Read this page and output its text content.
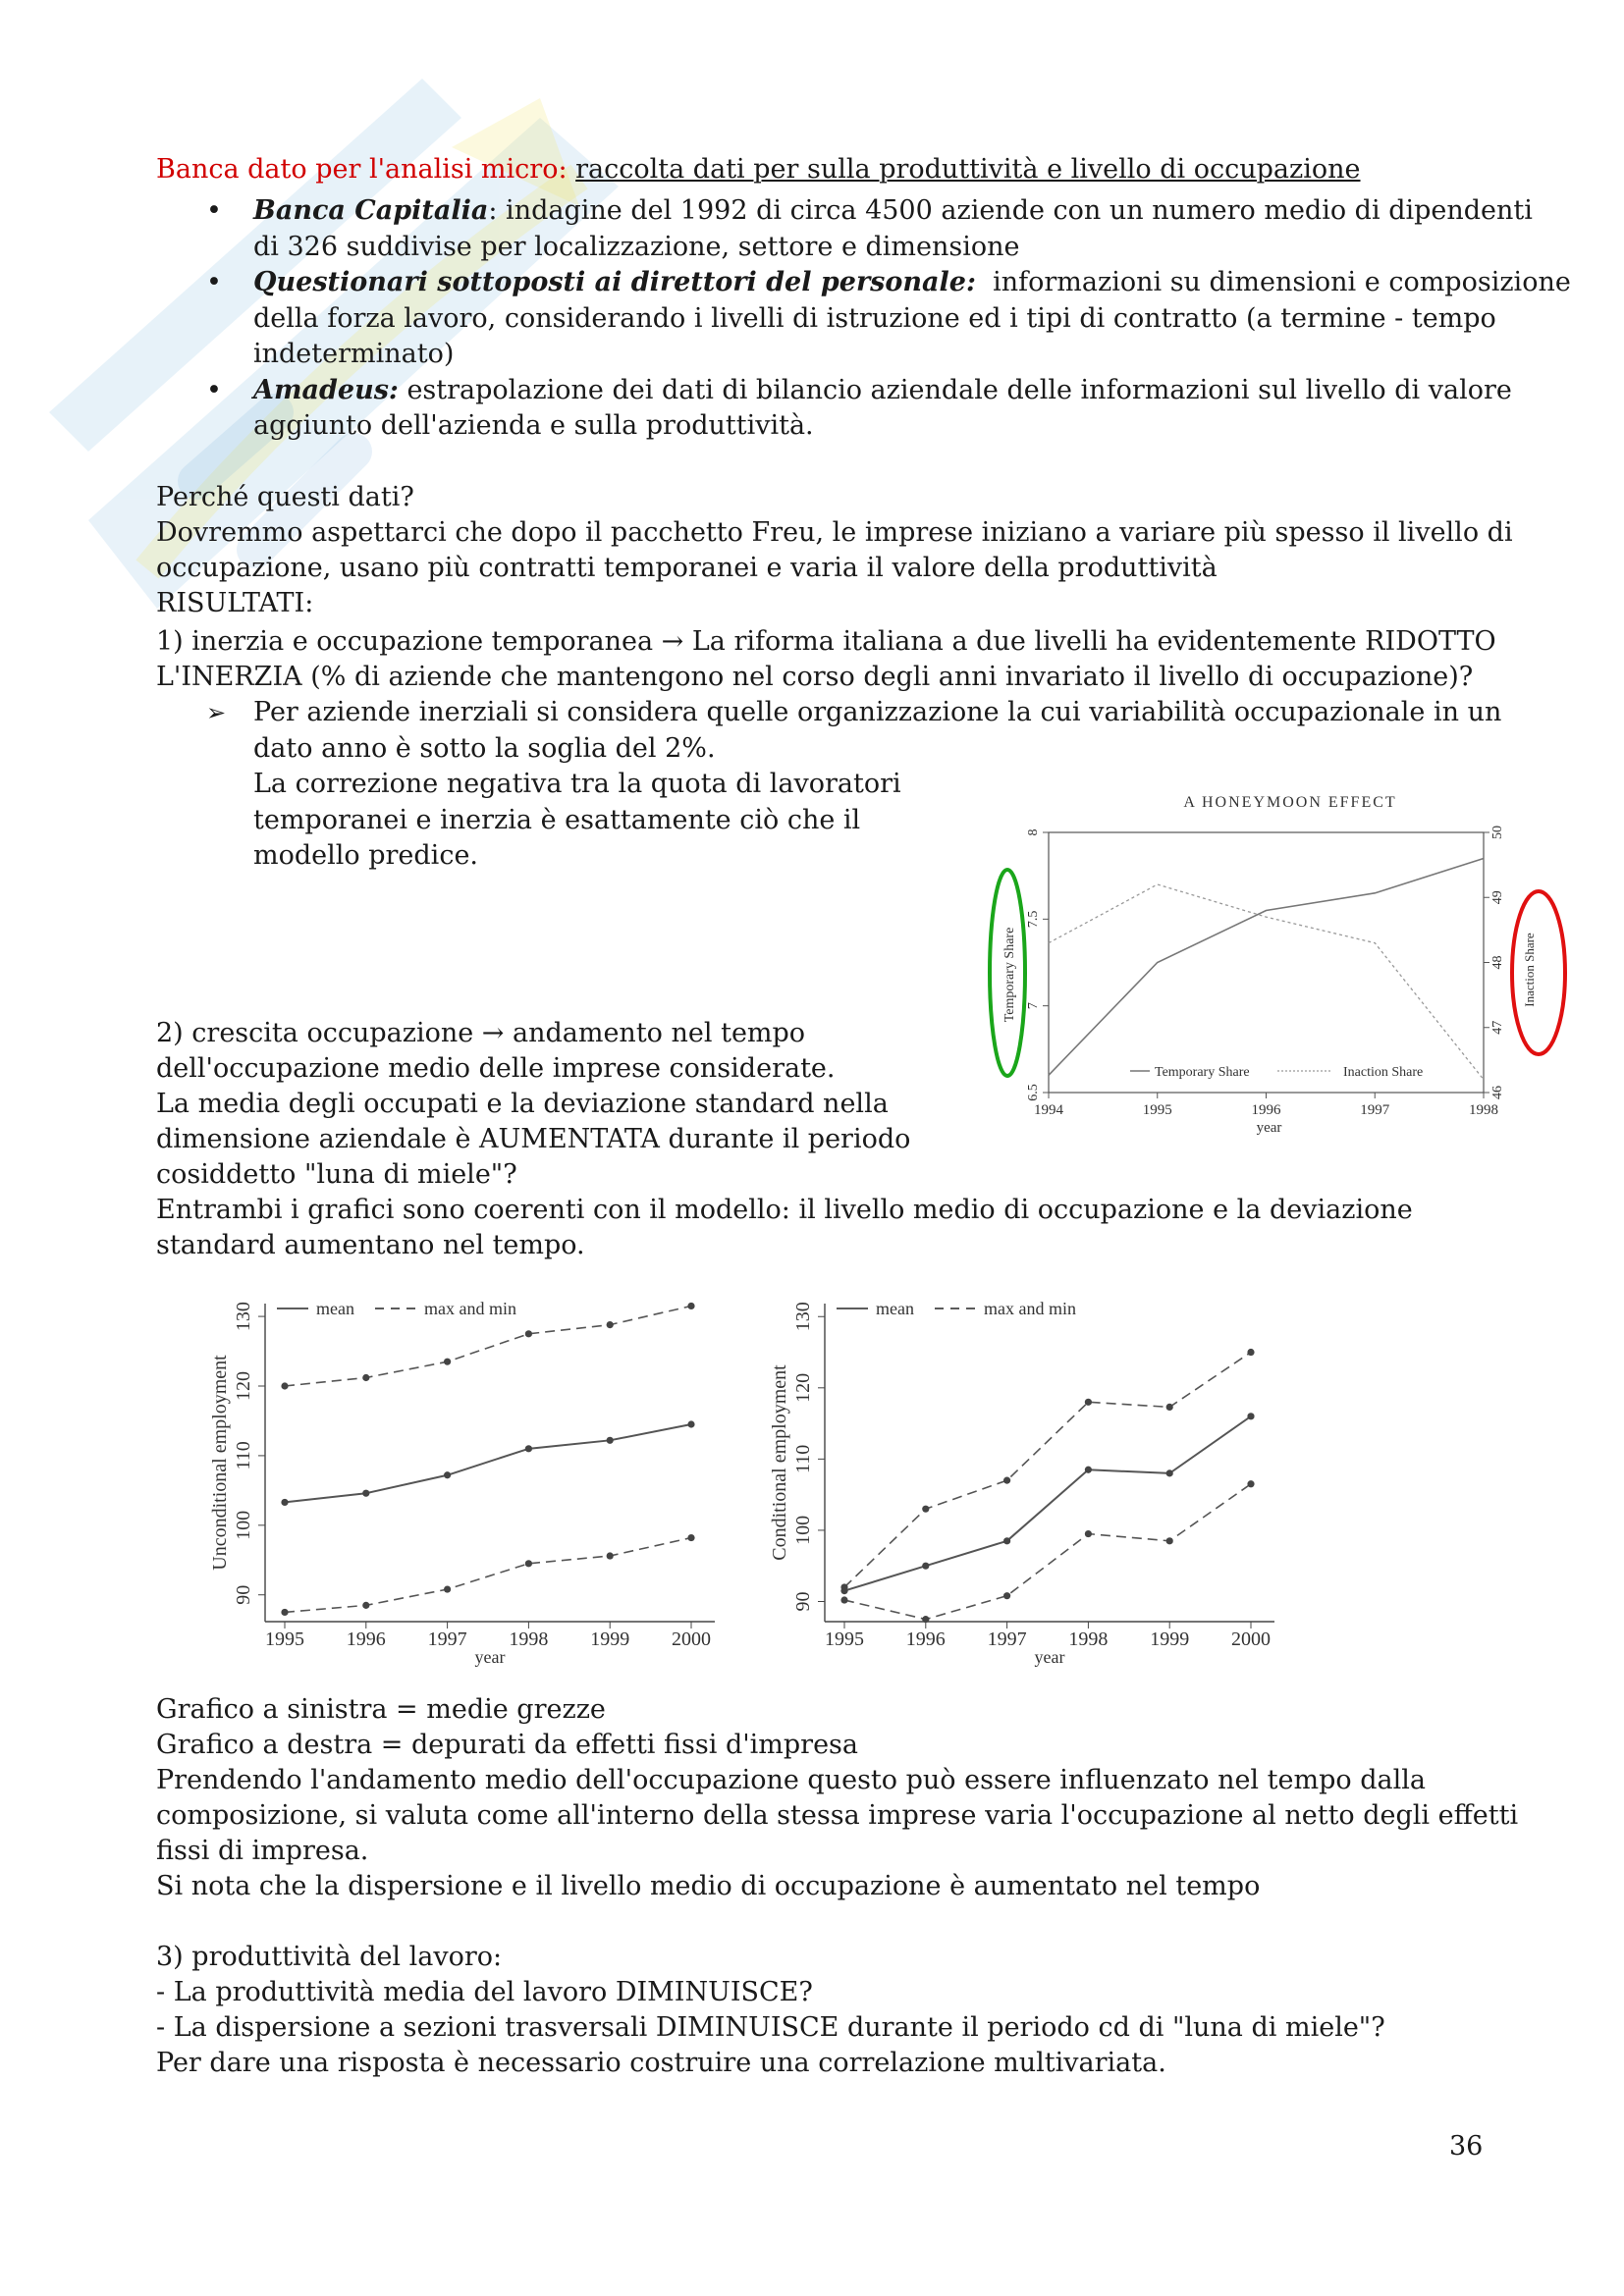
Banca dato per l'analisi micro: raccolta dati per sulla produttività e livello di occupazione

• Banca Capitalia: indagine del 1992 di circa 4500 aziende con un numero medio di dipendenti
di 326 suddivise per localizzazione, settore e dimensione
• Questionari sottoposti ai direttori del personale:  informazioni su dimensioni e composizione
della forza lavoro, considerando i livelli di istruzione ed i tipi di contratto (a termine - tempo
indeterminato)
• Amadeus: estrapolazione dei dati di bilancio aziendale delle informazioni sul livello di valore
aggiunto dell'azienda e sulla produttività.

Perché questi dati?

Dovremmo aspettarci che dopo il pacchetto Freu, le imprese iniziano a variare più spesso il livello di

occupazione, usano più contratti temporanei e varia il valore della produttività

RISULTATI:

1) inerzia e occupazione temporanea → La riforma italiana a due livelli ha evidentemente RIDOTTO

L'INERZIA (% di aziende che mantengono nel corso degli anni invariato il livello di occupazione)?

➢ Per aziende inerziali si considera quelle organizzazione la cui variabilità occupazionale in un
dato anno è sotto la soglia del 2%.
La correzione negativa tra la quota di lavoratori
temporanei e inerzia è esattamente ciò che il
modello predice.
A HONEYMOON EFFECT
1994	1995	1996	1997	1998
year
6.5
7
7.5
8
46
47
48
49
50
Temporary Share	Inaction Share
Temporary Share	Inaction Share

2) crescita occupazione → andamento nel tempo

dell'occupazione medio delle imprese considerate.

La media degli occupati e la deviazione standard nella

dimensione aziendale è AUMENTATA durante il periodo

cosiddetto "luna di miele"?

Entrambi i grafici sono coerenti con il modello: il livello medio di occupazione e la deviazione

standard aumentano nel tempo.

1995 1996 1997 1998 1999 2000
year
90
100
110
120
130
Unconditional employment
mean	max and min
1995 1996 1997 1998 1999 2000
year
90
100
110
120
130
Conditional employment
mean	max and min

Grafico a sinistra = medie grezze

Grafico a destra = depurati da effetti fissi d'impresa

Prendendo l'andamento medio dell'occupazione questo può essere influenzato nel tempo dalla

composizione, si valuta come all'interno della stessa imprese varia l'occupazione al netto degli effetti

fissi di impresa.

Si nota che la dispersione e il livello medio di occupazione è aumentato nel tempo

3) produttività del lavoro:

- La produttività media del lavoro DIMINUISCE?

- La dispersione a sezioni trasversali DIMINUISCE durante il periodo cd di "luna di miele"?

Per dare una risposta è necessario costruire una correlazione multivariata.

36
